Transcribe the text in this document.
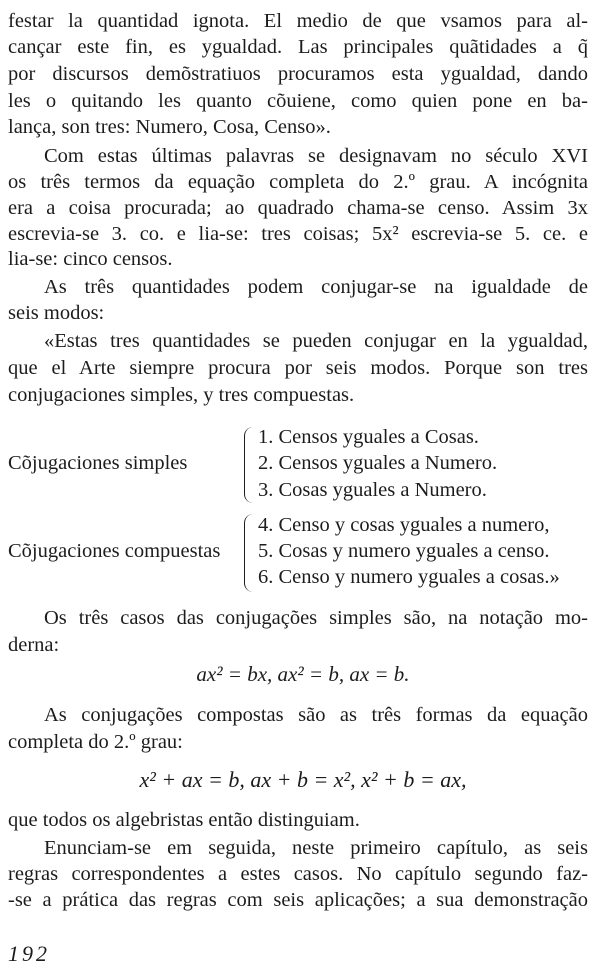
festar la quantidad ignota. El medio de que vsamos para al-
cançar este fin, es ygualdad. Las principales quãtidades a q̃
por discursos demõstratiuos procuramos esta ygualdad, dando
les o quitando les quanto cõuiene, como quien pone en ba-
lança, son tres: Numero, Cosa, Censo».
Com estas últimas palavras se designavam no século XVI
os três termos da equação completa do 2.º grau. A incógnita
era a coisa procurada; ao quadrado chama-se censo. Assim 3x
escrevia-se 3. co. e lia-se: tres coisas; 5x² escrevia-se 5. ce. e
lia-se: cinco censos.
As três quantidades podem conjugar-se na igualdade de
seis modos:
«Estas tres quantidades se pueden conjugar en la ygualdad,
que el Arte siempre procura por seis modos. Porque son tres
conjugaciones simples, y tres compuestas.
Cõjugaciones simples
1. Censos yguales a Cosas.
2. Censos yguales a Numero.
3. Cosas yguales a Numero.
Cõjugaciones compuestas
4. Censo y cosas yguales a numero,
5. Cosas y numero yguales a censo.
6. Censo y numero yguales a cosas.»
Os três casos das conjugações simples são, na notação mo-
derna:
ax² = bx, ax² = b, ax = b.
As conjugações compostas são as três formas da equação
completa do 2.º grau:
x² + ax = b, ax + b = x², x² + b = ax,
que todos os algebristas então distinguiam.
Enunciam-se em seguida, neste primeiro capítulo, as seis
regras correspondentes a estes casos. No capítulo segundo faz-
-se a prática das regras com seis aplicações; a sua demonstração
192
